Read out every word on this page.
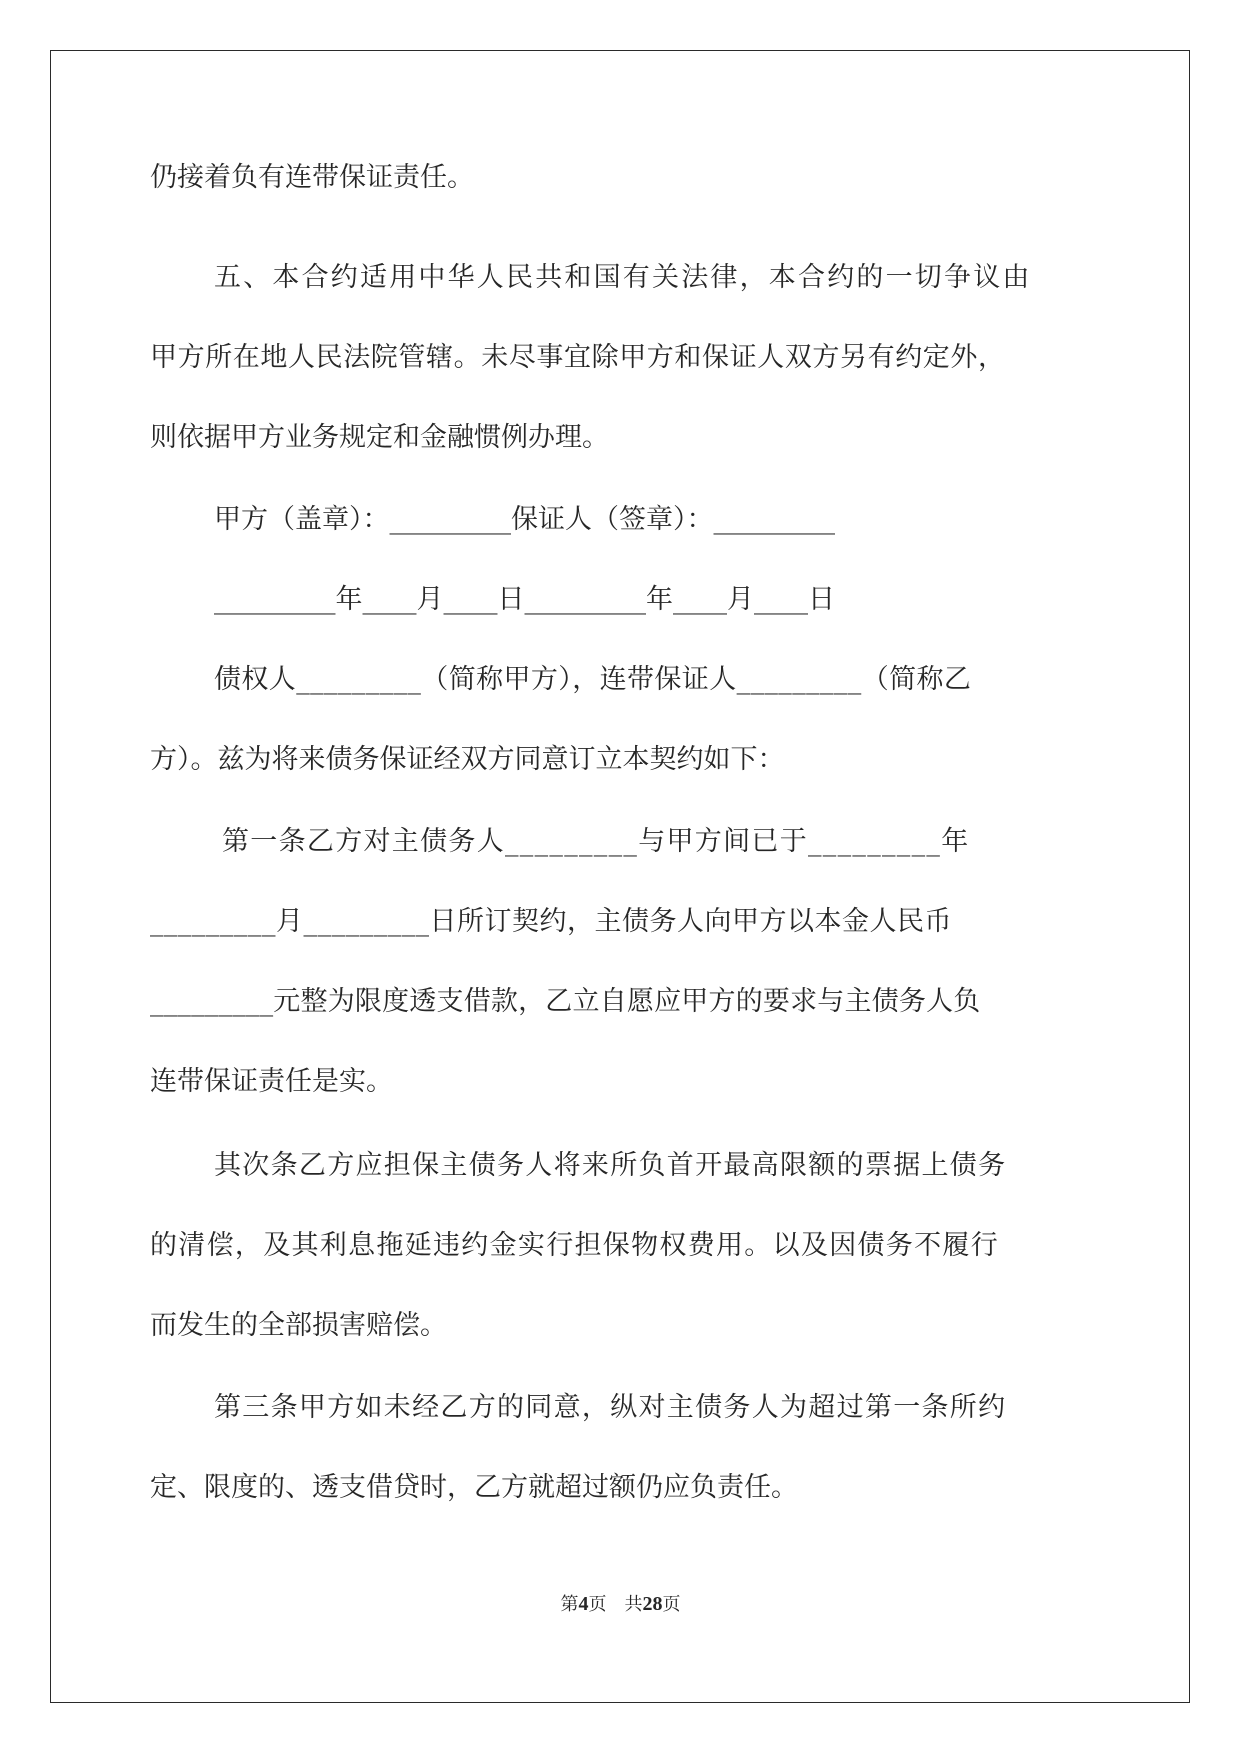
仍接着负有连带保证责任。

五、本合约适用中华人民共和国有关法律，本合约的一切争议由

甲方所在地人民法院管辖。未尽事宜除甲方和保证人双方另有约定外，

则依据甲方业务规定和金融惯例办理。

甲方（盖章）：_________保证人（签章）：_________

_________年____月____日_________年____月____日

债权人_________（简称甲方），连带保证人_________（简称乙

方）。兹为将来债务保证经双方同意订立本契约如下：

第一条乙方对主债务人_________与甲方间已于_________年

_________月_________日所订契约，主债务人向甲方以本金人民币

_________元整为限度透支借款，乙立自愿应甲方的要求与主债务人负

连带保证责任是实。

其次条乙方应担保主债务人将来所负首开最高限额的票据上债务

的清偿，及其利息拖延违约金实行担保物权费用。以及因债务不履行

而发生的全部损害赔偿。

第三条甲方如未经乙方的同意，纵对主债务人为超过第一条所约

定、限度的、透支借贷时，乙方就超过额仍应负责任。

第4页　共28页
